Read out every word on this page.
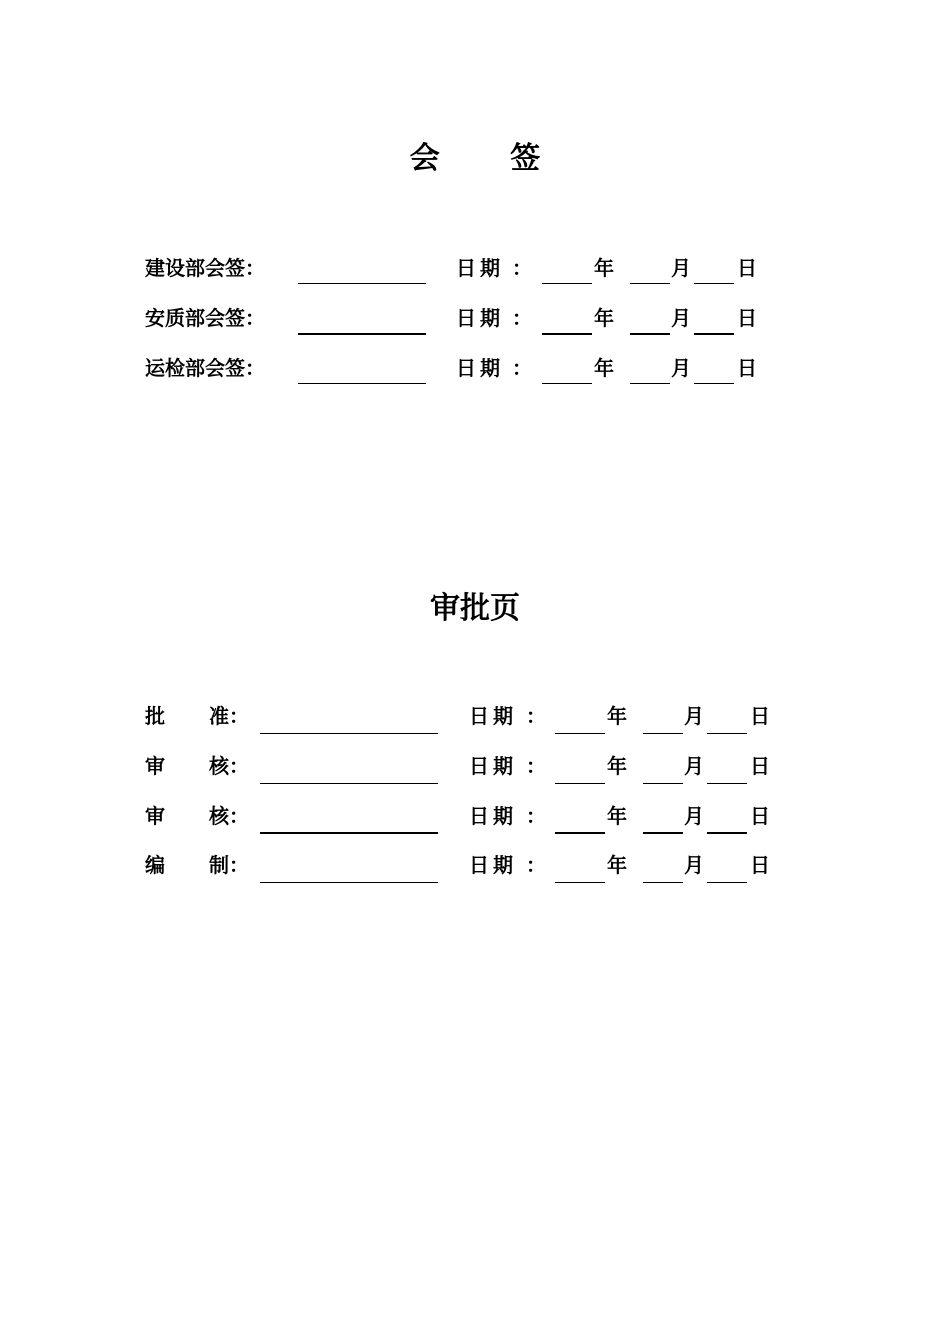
会 签
建设部会签：	日期 ：	年	月 日
安质部会签：	日期 ：	年	月 日
运检部会签：	日期 ：	年	月 日
审批页
批 准：	日期 ：	年	月 日
审 核：	日期 ：	年	月 日
审 核：	日期 ：	年	月 日
编 制：	日期 ：	年	月 日
